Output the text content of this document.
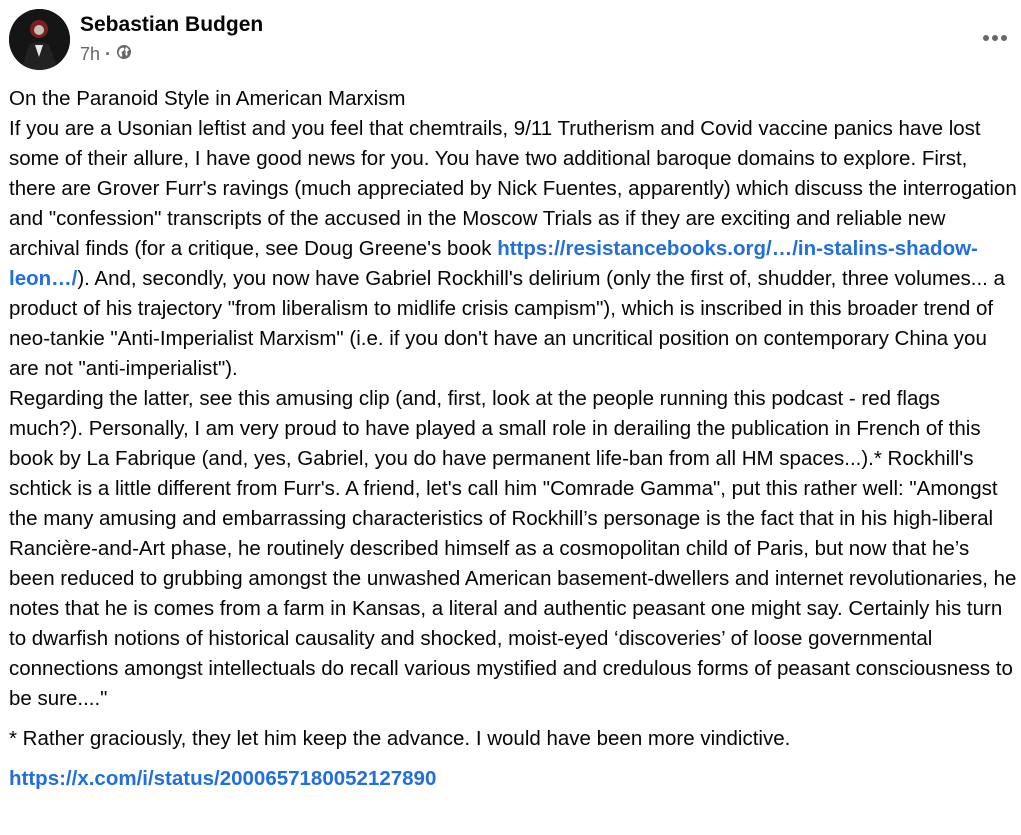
Sebastian Budgen
7h ·

On the Paranoid Style in American Marxism

If you are a Usonian leftist and you feel that chemtrails, 9/11 Trutherism and Covid vaccine panics have lost some of their allure, I have good news for you. You have two additional baroque domains to explore. First, there are Grover Furr's ravings (much appreciated by Nick Fuentes, apparently) which discuss the interrogation and "confession" transcripts of the accused in the Moscow Trials as if they are exciting and reliable new archival finds (for a critique, see Doug Greene's book https://resistancebooks.org/…/in-stalins-shadow-leon…/). And, secondly, you now have Gabriel Rockhill's delirium (only the first of, shudder, three volumes... a product of his trajectory "from liberalism to midlife crisis campism"), which is inscribed in this broader trend of neo-tankie "Anti-Imperialist Marxism" (i.e. if you don't have an uncritical position on contemporary China you are not "anti-imperialist").

Regarding the latter, see this amusing clip (and, first, look at the people running this podcast - red flags much?). Personally, I am very proud to have played a small role in derailing the publication in French of this book by La Fabrique (and, yes, Gabriel, you do have permanent life-ban from all HM spaces...).* Rockhill's schtick is a little different from Furr's. A friend, let's call him "Comrade Gamma", put this rather well: "Amongst the many amusing and embarrassing characteristics of Rockhill’s personage is the fact that in his high-liberal Rancière-and-Art phase, he routinely described himself as a cosmopolitan child of Paris, but now that he’s been reduced to grubbing amongst the unwashed American basement-dwellers and internet revolutionaries, he notes that he is comes from a farm in Kansas, a literal and authentic peasant one might say. Certainly his turn to dwarfish notions of historical causality and shocked, moist-eyed ‘discoveries’ of loose governmental connections amongst intellectuals do recall various mystified and credulous forms of peasant consciousness to be sure...."

* Rather graciously, they let him keep the advance. I would have been more vindictive.

https://x.com/i/status/2000657180052127890
